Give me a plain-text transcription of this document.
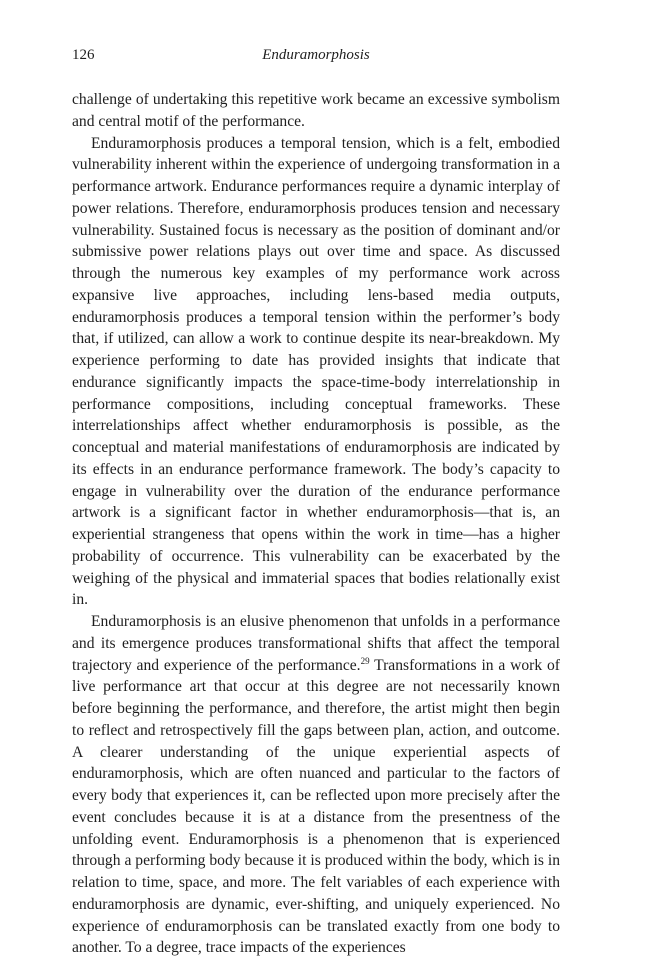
126	Enduramorphosis

challenge of undertaking this repetitive work became an excessive symbolism and central motif of the performance.

Enduramorphosis produces a temporal tension, which is a felt, embodied vulnerability inherent within the experience of undergoing transformation in a performance artwork. Endurance performances require a dynamic interplay of power relations. Therefore, enduramorphosis produces tension and necessary vulnerability. Sustained focus is necessary as the position of dominant and/or submissive power relations plays out over time and space. As discussed through the numerous key examples of my performance work across expansive live approaches, including lens-based media outputs, enduramorphosis produces a temporal tension within the performer’s body that, if utilized, can allow a work to continue despite its near-breakdown. My experience performing to date has provided insights that indicate that endurance significantly impacts the space-time-body interrelationship in performance compositions, including conceptual frameworks. These interrelationships affect whether enduramorphosis is possible, as the conceptual and material manifestations of enduramorphosis are indicated by its effects in an endurance performance framework. The body’s capacity to engage in vulnerability over the duration of the endurance performance artwork is a significant factor in whether enduramorphosis—that is, an experiential strangeness that opens within the work in time—has a higher probability of occurrence. This vulnerability can be exacerbated by the weighing of the physical and immaterial spaces that bodies relationally exist in.

Enduramorphosis is an elusive phenomenon that unfolds in a performance and its emergence produces transformational shifts that affect the temporal trajectory and experience of the performance.$^{29}$ Transformations in a work of live performance art that occur at this degree are not necessarily known before beginning the performance, and therefore, the artist might then begin to reflect and retrospectively fill the gaps between plan, action, and outcome. A clearer understanding of the unique experiential aspects of enduramorphosis, which are often nuanced and particular to the factors of every body that experiences it, can be reflected upon more precisely after the event concludes because it is at a distance from the presentness of the unfolding event. Enduramorphosis is a phenomenon that is experienced through a performing body because it is produced within the body, which is in relation to time, space, and more. The felt variables of each experience with enduramorphosis are dynamic, ever-shifting, and uniquely experienced. No experience of enduramorphosis can be translated exactly from one body to another. To a degree, trace impacts of the experiences
